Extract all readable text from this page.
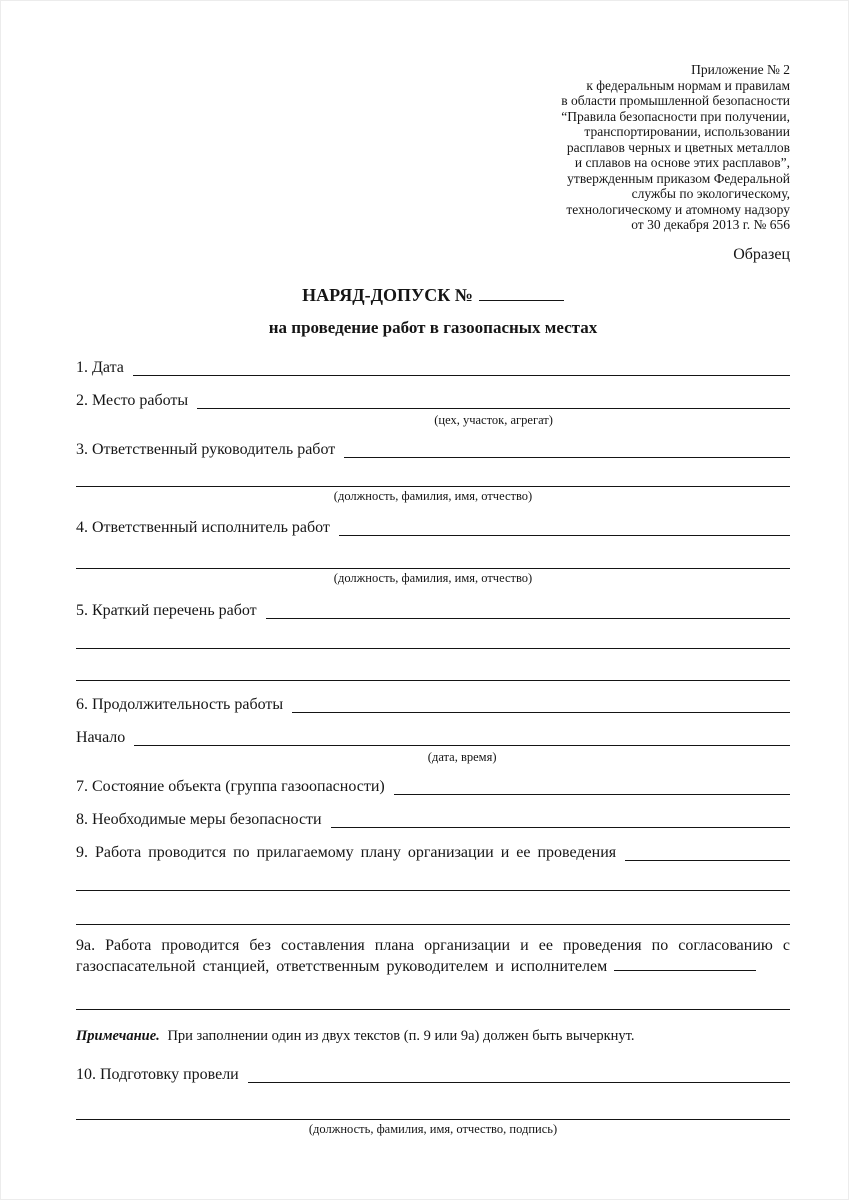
Приложение № 2
к федеральным нормам и правилам
в области промышленной безопасности
“Правила безопасности при получении,
транспортировании, использовании
расплавов черных и цветных металлов
и сплавов на основе этих расплавов”,
утвержденным приказом Федеральной
службы по экологическому,
технологическому и атомному надзору
от 30 декабря 2013 г. № 656
Образец
НАРЯД-ДОПУСК №
на проведение работ в газоопасных местах
1. Дата
2. Место работы
(цех, участок, агрегат)
3. Ответственный руководитель работ
(должность, фамилия, имя, отчество)
4. Ответственный исполнитель работ
(должность, фамилия, имя, отчество)
5. Краткий перечень работ
6. Продолжительность работы
Начало
(дата, время)
7. Состояние объекта (группа газоопасности)
8. Необходимые меры безопасности
9. Работа проводится по прилагаемому плану организации и ее проведения

9а. Работа проводится без составления плана организации и ее проведения по согласованию с газоспасательной станцией, ответственным руководителем и исполнителем

Примечание. При заполнении один из двух текстов (п. 9 или 9а) должен быть вычеркнут.

10. Подготовку провели
(должность, фамилия, имя, отчество, подпись)
